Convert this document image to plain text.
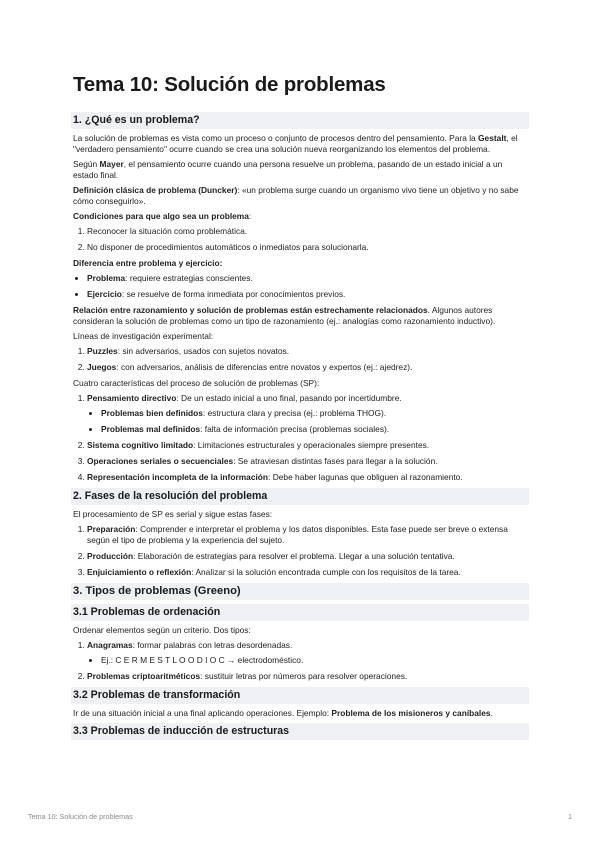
Tema 10: Solución de problemas
1. ¿Qué es un problema?

La solución de problemas es vista como un proceso o conjunto de procesos dentro del pensamiento. Para la Gestalt, el "verdadero pensamiento" ocurre cuando se crea una solución nueva reorganizando los elementos del problema.

Según Mayer, el pensamiento ocurre cuando una persona resuelve un problema, pasando de un estado inicial a un estado final.

Definición clásica de problema (Duncker): «un problema surge cuando un organismo vivo tiene un objetivo y no sabe cómo conseguirlo».

Condiciones para que algo sea un problema:

1. Reconocer la situación como problemática.
2. No disponer de procedimientos automáticos o inmediatos para solucionarla.

Diferencia entre problema y ejercicio:

• Problema: requiere estrategias conscientes.
• Ejercicio: se resuelve de forma inmediata por conocimientos previos.

Relación entre razonamiento y solución de problemas están estrechamente relacionados. Algunos autores consideran la solución de problemas como un tipo de razonamiento (ej.: analogías como razonamiento inductivo).

Líneas de investigación experimental:

1. Puzzles: sin adversarios, usados con sujetos novatos.
2. Juegos: con adversarios, análisis de diferencias entre novatos y expertos (ej.: ajedrez).

Cuatro características del proceso de solución de problemas (SP):

1. Pensamiento directivo: De un estado inicial a uno final, pasando por incertidumbre.
• Problemas bien definidos: estructura clara y precisa (ej.: problema THOG).
• Problemas mal definidos: falta de información precisa (problemas sociales).
2. Sistema cognitivo limitado: Limitaciones estructurales y operacionales siempre presentes.
3. Operaciones seriales o secuenciales: Se atraviesan distintas fases para llegar a la solución.
4. Representación incompleta de la información: Debe haber lagunas que obliguen al razonamiento.
2. Fases de la resolución del problema

El procesamiento de SP es serial y sigue estas fases:

1. Preparación: Comprender e interpretar el problema y los datos disponibles. Esta fase puede ser breve o extensa según el tipo de problema y la experiencia del sujeto.
2. Producción: Elaboración de estrategias para resolver el problema. Llegar a una solución tentativa.
3. Enjuiciamiento o reflexión: Analizar si la solución encontrada cumple con los requisitos de la tarea.
3. Tipos de problemas (Greeno)
3.1 Problemas de ordenación

Ordenar elementos según un criterio. Dos tipos:

1. Anagramas: formar palabras con letras desordenadas.
• Ej.: C E R M E S T L O O D I O C → electrodoméstico.
2. Problemas criptoaritméticos: sustituir letras por números para resolver operaciones.
3.2 Problemas de transformación

Ir de una situación inicial a una final aplicando operaciones. Ejemplo: Problema de los misioneros y caníbales.

3.3 Problemas de inducción de estructuras
Tema 10: Solución de problemas	1
